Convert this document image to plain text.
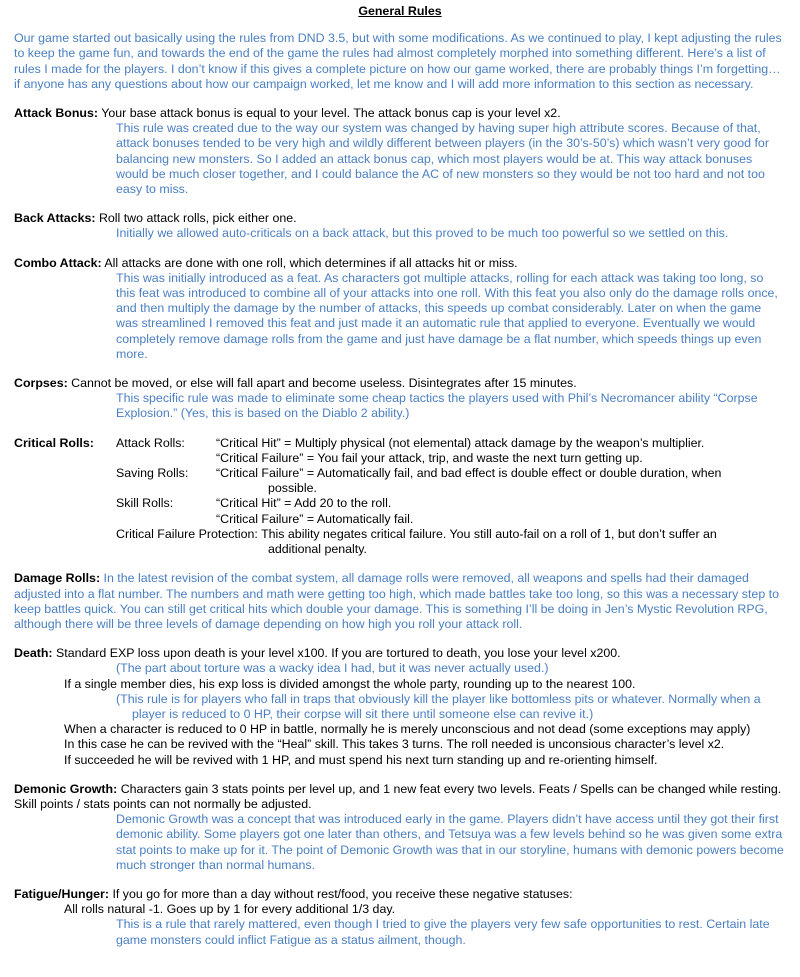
General Rules
Our game started out basically using the rules from DND 3.5, but with some modifications. As we continued to play, I kept adjusting the rules to keep the game fun, and towards the end of the game the rules had almost completely morphed into something different. Here’s a list of rules I made for the players. I don’t know if this gives a complete picture on how our game worked, there are probably things I’m forgetting… if anyone has any questions about how our campaign worked, let me know and I will add more information to this section as necessary.
Attack Bonus: Your base attack bonus is equal to your level. The attack bonus cap is your level x2.
This rule was created due to the way our system was changed by having super high attribute scores. Because of that, attack bonuses tended to be very high and wildly different between players (in the 30’s-50’s) which wasn’t very good for balancing new monsters. So I added an attack bonus cap, which most players would be at. This way attack bonuses would be much closer together, and I could balance the AC of new monsters so they would be not too hard and not too easy to miss.
Back Attacks: Roll two attack rolls, pick either one.
Initially we allowed auto-criticals on a back attack, but this proved to be much too powerful so we settled on this.
Combo Attack: All attacks are done with one roll, which determines if all attacks hit or miss.
This was initially introduced as a feat. As characters got multiple attacks, rolling for each attack was taking too long, so this feat was introduced to combine all of your attacks into one roll. With this feat you also only do the damage rolls once, and then multiply the damage by the number of attacks, this speeds up combat considerably. Later on when the game was streamlined I removed this feat and just made it an automatic rule that applied to everyone. Eventually we would completely remove damage rolls from the game and just have damage be a flat number, which speeds things up even more.
Corpses: Cannot be moved, or else will fall apart and become useless. Disintegrates after 15 minutes.
This specific rule was made to eliminate some cheap tactics the players used with Phil’s Necromancer ability “Corpse Explosion.” (Yes, this is based on the Diablo 2 ability.)
Critical Rolls:	Attack Rolls:	“Critical Hit” = Multiply physical (not elemental) attack damage by the weapon’s multiplier.
“Critical Failure” = You fail your attack, trip, and waste the next turn getting up.
Saving Rolls:	“Critical Failure” = Automatically fail, and bad effect is double effect or double duration, when
possible.
Skill Rolls:	“Critical Hit” = Add 20 to the roll.
“Critical Failure” = Automatically fail.
Critical Failure Protection: This ability negates critical failure. You still auto-fail on a roll of 1, but don’t suffer an
additional penalty.
Damage Rolls: In the latest revision of the combat system, all damage rolls were removed, all weapons and spells had their damaged adjusted into a flat number. The numbers and math were getting too high, which made battles take too long, so this was a necessary step to keep battles quick. You can still get critical hits which double your damage. This is something I’ll be doing in Jen’s Mystic Revolution RPG, although there will be three levels of damage depending on how high you roll your attack roll.
Death: Standard EXP loss upon death is your level x100. If you are tortured to death, you lose your level x200.
(The part about torture was a wacky idea I had, but it was never actually used.)
If a single member dies, his exp loss is divided amongst the whole party, rounding up to the nearest 100.
(This rule is for players who fall in traps that obviously kill the player like bottomless pits or whatever. Normally when a player is reduced to 0 HP, their corpse will sit there until someone else can revive it.)
When a character is reduced to 0 HP in battle, normally he is merely unconscious and not dead (some exceptions may apply)
In this case he can be revived with the “Heal” skill. This takes 3 turns. The roll needed is unconsious character’s level x2.
If succeeded he will be revived with 1 HP, and must spend his next turn standing up and re-orienting himself.
Demonic Growth: Characters gain 3 stats points per level up, and 1 new feat every two levels. Feats / Spells can be changed while resting. Skill points / stats points can not normally be adjusted.
Demonic Growth was a concept that was introduced early in the game. Players didn’t have access until they got their first demonic ability. Some players got one later than others, and Tetsuya was a few levels behind so he was given some extra stat points to make up for it. The point of Demonic Growth was that in our storyline, humans with demonic powers become much stronger than normal humans.
Fatigue/Hunger: If you go for more than a day without rest/food, you receive these negative statuses:
All rolls natural -1. Goes up by 1 for every additional 1/3 day.
This is a rule that rarely mattered, even though I tried to give the players very few safe opportunities to rest. Certain late game monsters could inflict Fatigue as a status ailment, though.
